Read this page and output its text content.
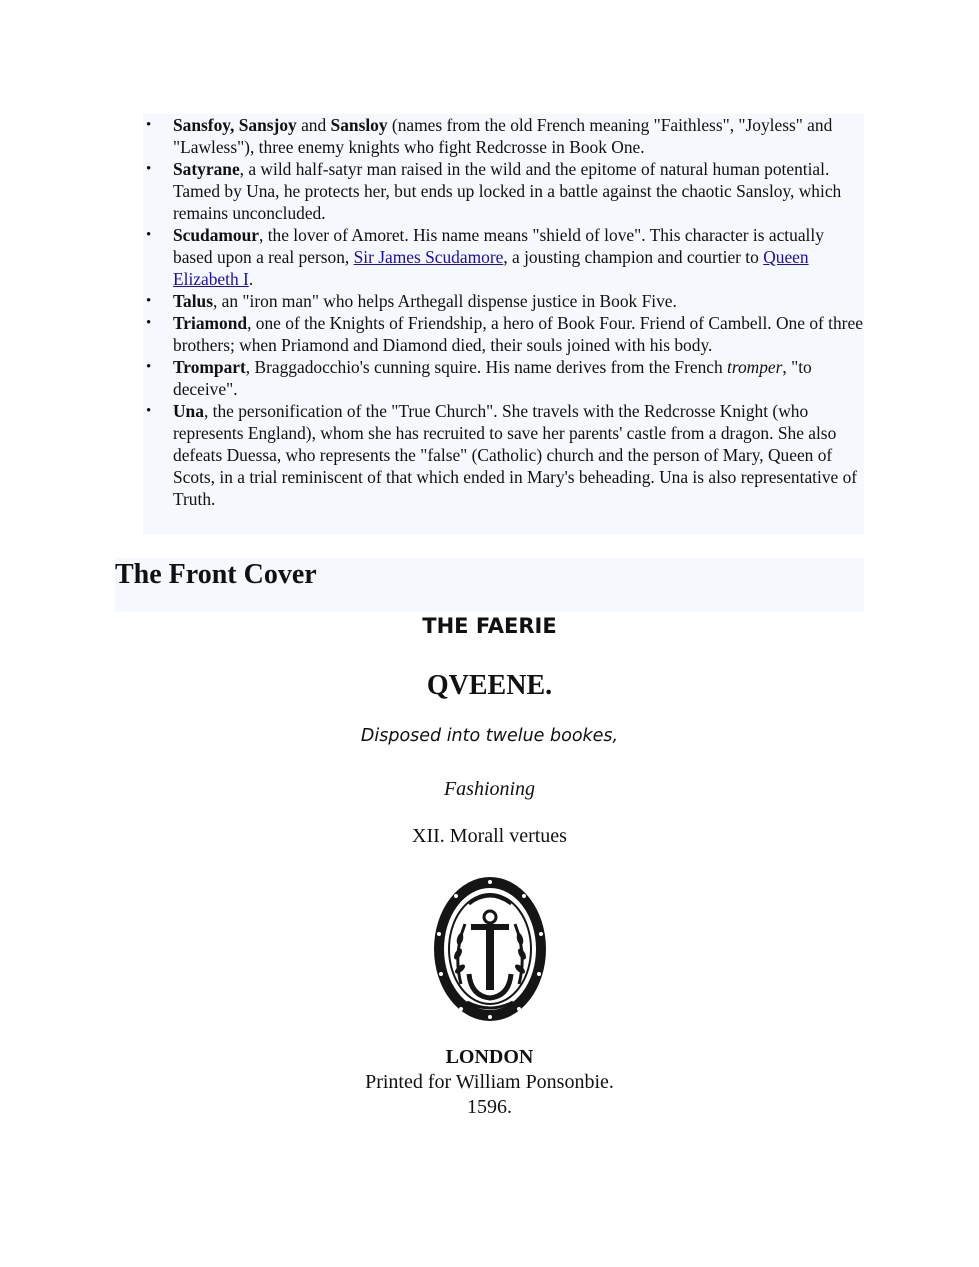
• Sansfoy, Sansjoy and Sansloy (names from the old French meaning "Faithless", "Joyless" and "Lawless"), three enemy knights who fight Redcrosse in Book One.
• Satyrane, a wild half-satyr man raised in the wild and the epitome of natural human potential. Tamed by Una, he protects her, but ends up locked in a battle against the chaotic Sansloy, which remains unconcluded.
• Scudamour, the lover of Amoret. His name means "shield of love". This character is actually based upon a real person, Sir James Scudamore, a jousting champion and courtier to Queen Elizabeth I.
• Talus, an "iron man" who helps Arthegall dispense justice in Book Five.
• Triamond, one of the Knights of Friendship, a hero of Book Four. Friend of Cambell. One of three brothers; when Priamond and Diamond died, their souls joined with his body.
• Trompart, Braggadocchio's cunning squire. His name derives from the French tromper, "to deceive".
• Una, the personification of the "True Church". She travels with the Redcrosse Knight (who represents England), whom she has recruited to save her parents' castle from a dragon. She also defeats Duessa, who represents the "false" (Catholic) church and the person of Mary, Queen of Scots, in a trial reminiscent of that which ended in Mary's beheading. Una is also representative of Truth.
The Front Cover
THE FAERIE
QVEENE.
Disposed into twelue bookes,
Fashioning
XII. Morall vertues
LONDON
Printed for William Ponsonbie.
1596.
